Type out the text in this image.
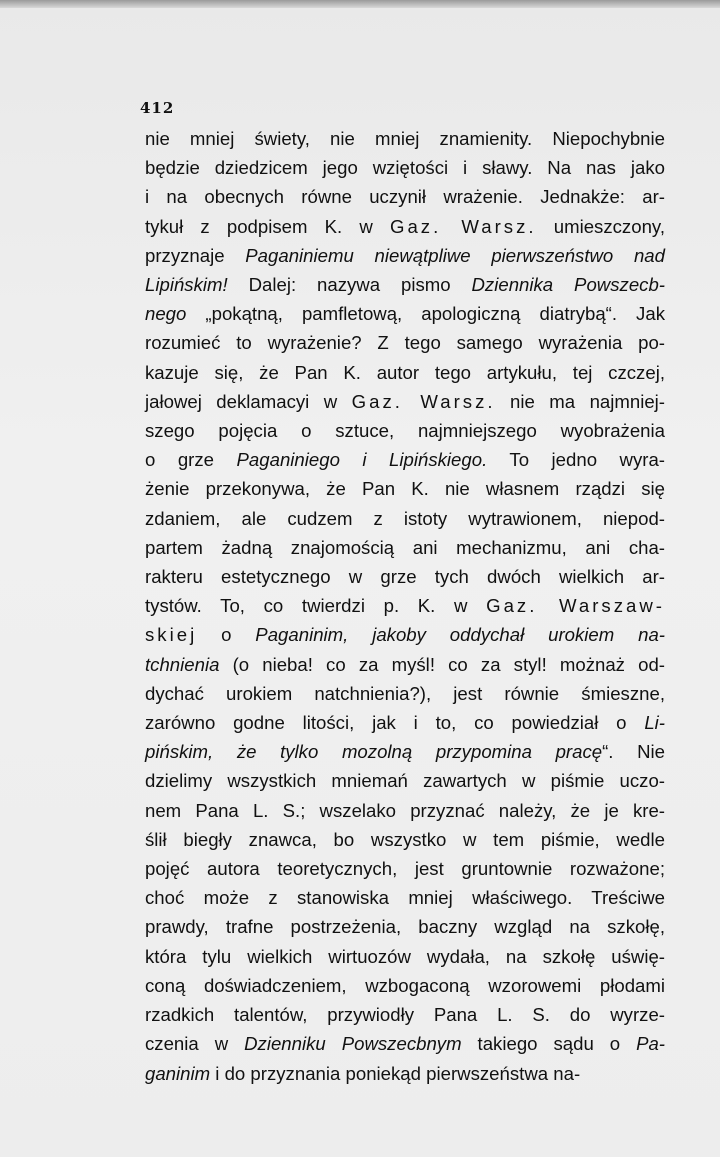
412
nie mniej świety, nie mniej znamienity. Niepochybnie
będzie dziedzicem jego wziętości i sławy. Na nas jako
i na obecnych równe uczynił wrażenie. Jednakże: ar-
tykuł z podpisem K. w Gaz. Warsz. umieszczony,
przyznaje Paganiniemu niewątpliwe pierwszeństwo nad
Lipińskim! Dalej: nazywa pismo Dziennika Powszecb-
nego „pokątną, pamfletową, apologiczną diatrybą“. Jak
rozumieć to wyrażenie? Z tego samego wyrażenia po-
kazuje się, że Pan K. autor tego artykułu, tej czczej,
jałowej deklamacyi w Gaz. Warsz. nie ma najmniej-
szego pojęcia o sztuce, najmniejszego wyobrażenia
o grze Paganiniego i Lipińskiego. To jedno wyra-
żenie przekonywa, że Pan K. nie własnem rządzi się
zdaniem, ale cudzem z istoty wytrawionem, niepod-
partem żadną znajomością ani mechanizmu, ani cha-
rakteru estetycznego w grze tych dwóch wielkich ar-
tystów. To, co twierdzi p. K. w Gaz. Warszaw-
skiej o Paganinim, jakoby oddychał urokiem na-
tchnienia (o nieba! co za myśl! co za styl! możnaż od-
dychać urokiem natchnienia?), jest równie śmieszne,
zarówno godne litości, jak i to, co powiedział o Li-
pińskim, że tylko mozolną przypomina pracę“. Nie
dzielimy wszystkich mniemań zawartych w piśmie uczo-
nem Pana L. S.; wszelako przyznać należy, że je kre-
ślił biegły znawca, bo wszystko w tem piśmie, wedle
pojęć autora teoretycznych, jest gruntownie rozważone;
choć może z stanowiska mniej właściwego. Treściwe
prawdy, trafne postrzeżenia, baczny wzgląd na szkołę,
która tylu wielkich wirtuozów wydała, na szkołę uświę-
coną doświadczeniem, wzbogaconą wzorowemi płodami
rzadkich talentów, przywiodły Pana L. S. do wyrze-
czenia w Dzienniku Powszecbnym takiego sądu o Pa-
ganinim i do przyznania poniekąd pierwszeństwa na-
